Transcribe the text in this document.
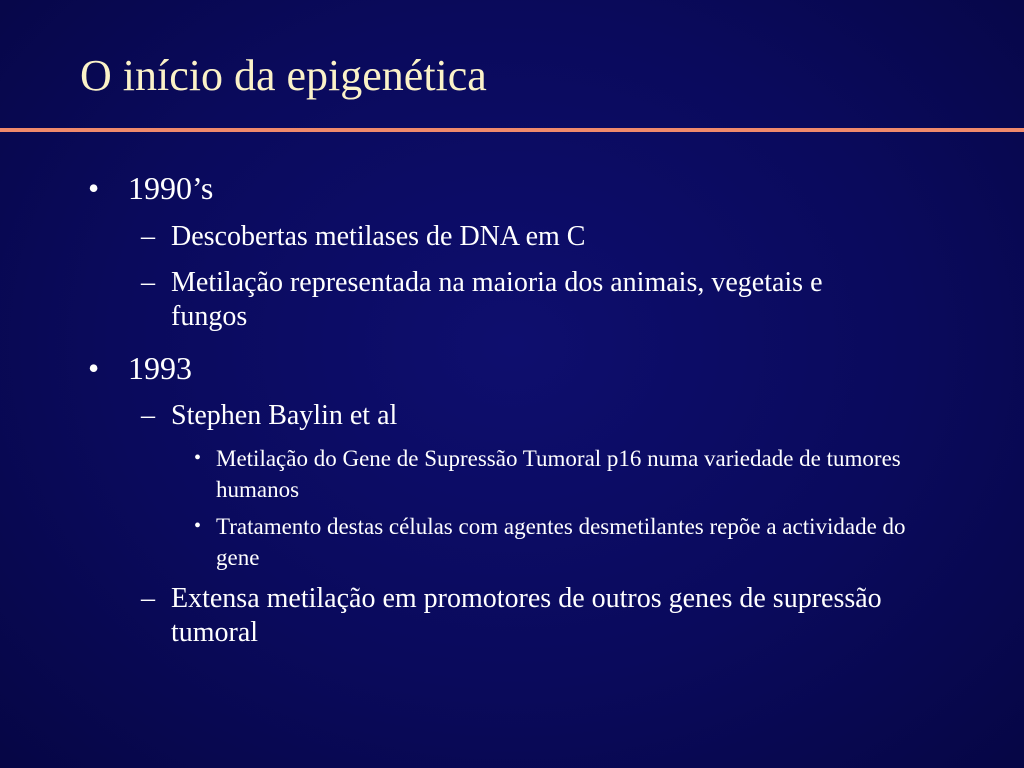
O início da epigenética
• 1990’s
– Descobertas metilases de DNA em C
– Metilação representada na maioria dos animais, vegetais e fungos
• 1993
– Stephen Baylin et al
• Metilação do Gene de Supressão Tumoral p16 numa variedade de tumores humanos
• Tratamento destas células com agentes desmetilantes repõe a actividade do gene
– Extensa metilação em promotores de outros genes de supressão tumoral
